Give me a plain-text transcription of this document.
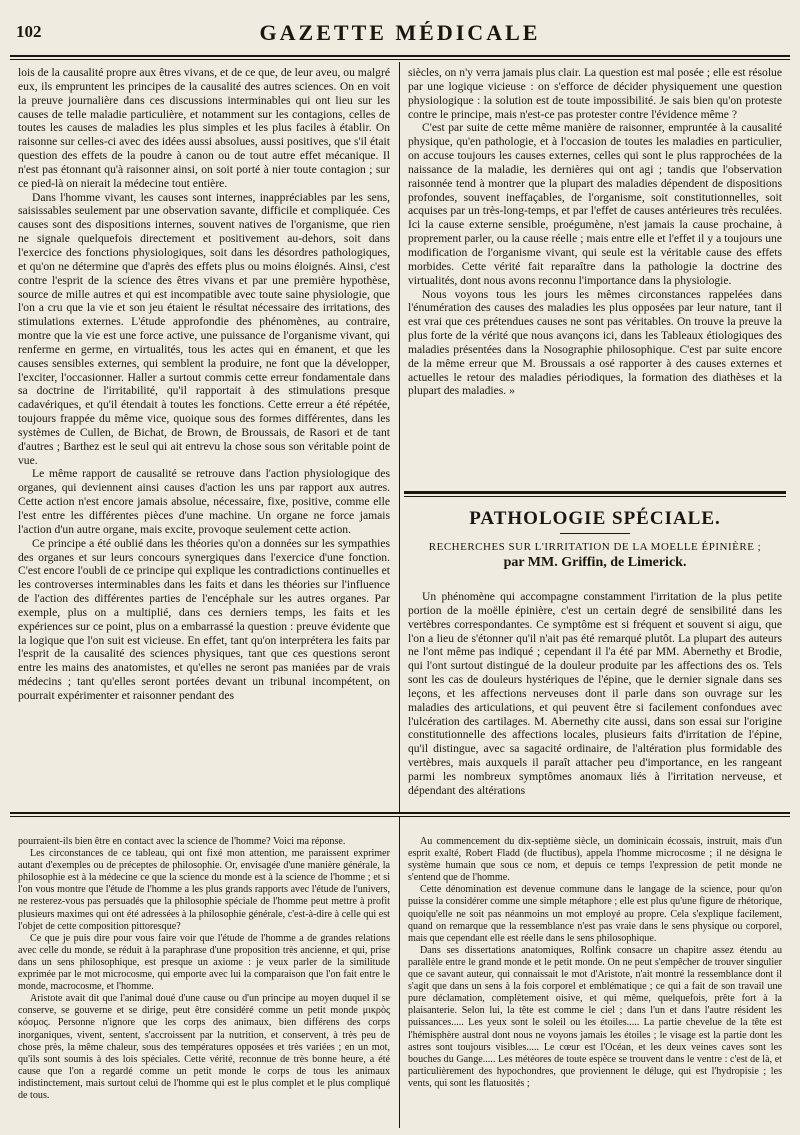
102	GAZETTE MÉDICALE

lois de la causalité propre aux êtres vivans, et de ce que, de leur aveu, ou malgré eux, ils empruntent les principes de la causalité des autres sciences. On en voit la preuve journalière dans ces discussions interminables qui ont lieu sur les causes de telle maladie particulière, et notamment sur les contagions, celles de toutes les causes de maladies les plus simples et les plus faciles à établir. On raisonne sur celles-ci avec des idées aussi absolues, aussi positives, que s'il était question des effets de la poudre à canon ou de tout autre effet mécanique. Il n'est pas étonnant qu'à raisonner ainsi, on soit porté à nier toute contagion ; sur ce pied-là on nierait la médecine tout entière.

Dans l'homme vivant, les causes sont internes, inappréciables par les sens, saisissables seulement par une observation savante, difficile et compliquée. Ces causes sont des dispositions internes, souvent natives de l'organisme, que rien ne signale quelquefois directement et positivement au-dehors, soit dans l'exercice des fonctions physiologiques, soit dans les désordres pathologiques, et qu'on ne détermine que d'après des effets plus ou moins éloignés. Ainsi, c'est contre l'esprit de la science des êtres vivans et par une première hypothèse, source de mille autres et qui est incompatible avec toute saine physiologie, que l'on a cru que la vie et son jeu étaient le résultat nécessaire des irritations, des stimulations externes. L'étude approfondie des phénomènes, au contraire, montre que la vie est une force active, une puissance de l'organisme vivant, qui renferme en germe, en virtualités, tous les actes qui en émanent, et que les causes sensibles externes, qui semblent la produire, ne font que la développer, l'exciter, l'occasionner. Haller a surtout commis cette erreur fondamentale dans sa doctrine de l'irritabilité, qu'il rapportait à des stimulations presque cadavériques, et qu'il étendait à toutes les fonctions. Cette erreur a été répétée, toujours frappée du même vice, quoique sous des formes différentes, dans les systèmes de Cullen, de Bichat, de Brown, de Broussais, de Rasori et de tant d'autres ; Barthez est le seul qui ait entrevu la chose sous son véritable point de vue.

Le même rapport de causalité se retrouve dans l'action physiologique des organes, qui deviennent ainsi causes d'action les uns par rapport aux autres. Cette action n'est encore jamais absolue, nécessaire, fixe, positive, comme elle l'est entre les différentes pièces d'une machine. Un organe ne force jamais l'action d'un autre organe, mais excite, provoque seulement cette action.

Ce principe a été oublié dans les théories qu'on a données sur les sympathies des organes et sur leurs concours synergiques dans l'exercice d'une fonction. C'est encore l'oubli de ce principe qui explique les contradictions continuelles et les controverses interminables dans les faits et dans les théories sur l'influence de l'action des différentes parties de l'encéphale sur les autres organes. Par exemple, plus on a multiplié, dans ces derniers temps, les faits et les expériences sur ce point, plus on a embarrassé la question : preuve évidente que la logique que l'on suit est vicieuse. En effet, tant qu'on interprétera les faits par l'esprit de la causalité des sciences physiques, tant que ces questions seront entre les mains des anatomistes, et qu'elles ne seront pas maniées par de vrais médecins ; tant qu'elles seront portées devant un tribunal incompétent, on pourrait expérimenter et raisonner pendant des

siècles, on n'y verra jamais plus clair. La question est mal posée ; elle est résolue par une logique vicieuse : on s'efforce de décider physiquement une question physiologique : la solution est de toute impossibilité. Je sais bien qu'on proteste contre le principe, mais n'est-ce pas protester contre l'évidence même ?

C'est par suite de cette même manière de raisonner, empruntée à la causalité physique, qu'en pathologie, et à l'occasion de toutes les maladies en particulier, on accuse toujours les causes externes, celles qui sont le plus rapprochées de la naissance de la maladie, les dernières qui ont agi ; tandis que l'observation raisonnée tend à montrer que la plupart des maladies dépendent de dispositions profondes, souvent ineffaçables, de l'organisme, soit constitutionnelles, soit acquises par un très-long-temps, et par l'effet de causes antérieures très reculées. Ici la cause externe sensible, proégumène, n'est jamais la cause prochaine, à proprement parler, ou la cause réelle ; mais entre elle et l'effet il y a toujours une modification de l'organisme vivant, qui seule est la véritable cause des effets morbides. Cette vérité fait reparaître dans la pathologie la doctrine des virtualités, dont nous avons reconnu l'importance dans la physiologie.

Nous voyons tous les jours les mêmes circonstances rappelées dans l'énumération des causes des maladies les plus opposées par leur nature, tant il est vrai que ces prétendues causes ne sont pas véritables. On trouve la preuve la plus forte de la vérité que nous avançons ici, dans les Tableaux étiologiques des maladies présentées dans la Nosographie philosophique. C'est par suite encore de la même erreur que M. Broussais a osé rapporter à des causes externes et actuelles le retour des maladies périodiques, la formation des diathèses et la plupart des maladies. »

PATHOLOGIE SPÉCIALE.
RECHERCHES SUR L'IRRITATION DE LA MOELLE ÉPINIÈRE ;
par MM. Griffin, de Limerick.

Un phénomène qui accompagne constamment l'irritation de la plus petite portion de la moëlle épinière, c'est un certain degré de sensibilité dans les vertèbres correspondantes. Ce symptôme est si fréquent et souvent si aigu, que l'on a lieu de s'étonner qu'il n'ait pas été remarqué plutôt. La plupart des auteurs ne l'ont même pas indiqué ; cependant il l'a été par MM. Abernethy et Brodie, qui l'ont surtout distingué de la douleur produite par les affections des os. Tels sont les cas de douleurs hystériques de l'épine, que le dernier signale dans ses leçons, et les affections nerveuses dont il parle dans son ouvrage sur les maladies des articulations, et qui peuvent être si facilement confondues avec l'ulcération des cartilages. M. Abernethy cite aussi, dans son essai sur l'origine constitutionnelle des affections locales, plusieurs faits d'irritation de l'épine, qu'il distingue, avec sa sagacité ordinaire, de l'altération plus formidable des vertèbres, mais auxquels il paraît attacher peu d'importance, en les rangeant parmi les nombreux symptômes anomaux liés à l'irritation nerveuse, et dépendant des altérations

pourraient-ils bien être en contact avec la science de l'homme? Voici ma réponse.

Les circonstances de ce tableau, qui ont fixé mon attention, me paraissent exprimer autant d'exemples ou de préceptes de philosophie. Or, envisagée d'une manière générale, la philosophie est à la médecine ce que la science du monde est à la science de l'homme ; et si l'on vous montre que l'étude de l'homme a les plus grands rapports avec l'étude de l'univers, ne resterez-vous pas persuadés que la philosophie spéciale de l'homme peut mettre à profit plusieurs maximes qui ont été adressées à la philosophie générale, c'est-à-dire à celle qui est l'objet de cette composition pittoresque?

Ce que je puis dire pour vous faire voir que l'étude de l'homme a de grandes relations avec celle du monde, se réduit à la paraphrase d'une proposition très ancienne, et qui, prise dans un sens philosophique, est presque un axiome : je veux parler de la similitude exprimée par le mot microcosme, qui emporte avec lui la comparaison que l'on fait entre le monde, macrocosme, et l'homme.

Aristote avait dit que l'animal doué d'une cause ou d'un principe au moyen duquel il se conserve, se gouverne et se dirige, peut être considéré comme un petit monde μικρὸς κόσμος. Personne n'ignore que les corps des animaux, bien différens des corps inorganiques, vivent, sentent, s'accroissent par la nutrition, et conservent, à très peu de chose près, la même chaleur, sous des températures opposées et très variées ; en un mot, qu'ils sont soumis à des lois spéciales. Cette vérité, reconnue de très bonne heure, a été cause que l'on a regardé comme un petit monde le corps de tous les animaux indistinctement, mais surtout celui de l'homme qui est le plus complet et le plus compliqué de tous.

Au commencement du dix-septième siècle, un dominicain écossais, instruit, mais d'un esprit exalté, Robert Fladd (de fluctibus), appela l'homme microcosme ; il ne désigna le système humain que sous ce nom, et depuis ce temps l'expression de petit monde ne s'entend que de l'homme.

Cette dénomination est devenue commune dans le langage de la science, pour qu'on puisse la considérer comme une simple métaphore ; elle est plus qu'une figure de rhétorique, quoiqu'elle ne soit pas néanmoins un mot employé au propre. Cela s'explique facilement, quand on remarque que la ressemblance n'est pas vraie dans le sens physique ou corporel, mais que cependant elle est réelle dans le sens philosophique.

Dans ses dissertations anatomiques, Rolfink consacre un chapitre assez étendu au parallèle entre le grand monde et le petit monde. On ne peut s'empêcher de trouver singulier que ce savant auteur, qui connaissait le mot d'Aristote, n'ait montré la ressemblance dont il s'agit que dans un sens à la fois corporel et emblématique ; ce qui a fait de son travail une pure déclamation, complètement oisive, et qui même, quelquefois, prête fort à la plaisanterie. Selon lui, la tête est comme le ciel ; dans l'un et dans l'autre résident les puissances..... Les yeux sont le soleil ou les étoiles..... La partie chevelue de la tête est l'hémisphère austral dont nous ne voyons jamais les étoiles ; le visage est la partie dont les astres sont toujours visibles..... Le cœur est l'Océan, et les deux veines caves sont les bouches du Gange..... Les météores de toute espèce se trouvent dans le ventre : c'est de là, et particulièrement des hypochondres, que proviennent le déluge, qui est l'hydropisie ; les vents, qui sont les flatuosités ;
